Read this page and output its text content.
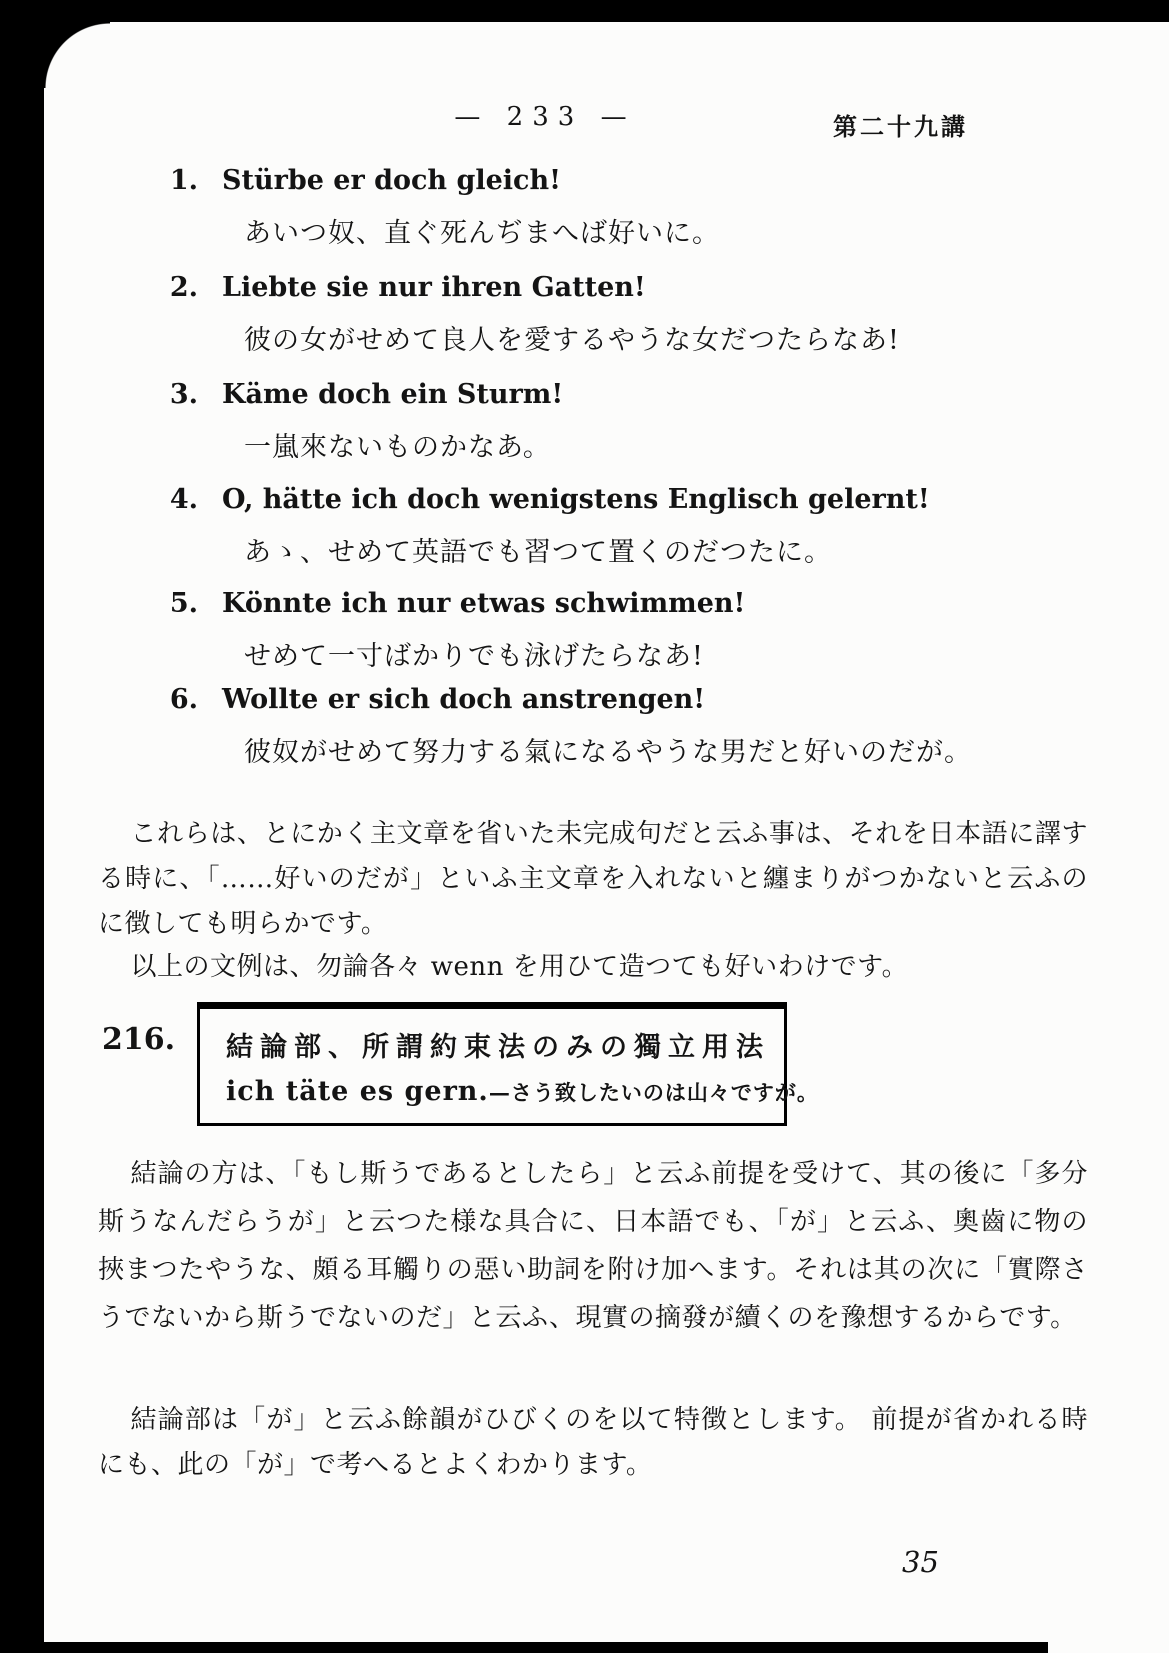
— 233 —	第二十九講
1. Stürbe er doch gleich!
あいつ奴、直ぐ死んぢまへば好いに。
2. Liebte sie nur ihren Gatten!
彼の女がせめて良人を愛するやうな女だつたらなあ!
3. Käme doch ein Sturm!
一嵐來ないものかなあ。
4. O, hätte ich doch wenigstens Englisch gelernt!
あゝ、せめて英語でも習つて置くのだつたに。
5. Könnte ich nur etwas schwimmen!
せめて一寸ばかりでも泳げたらなあ!
6. Wollte er sich doch anstrengen!
彼奴がせめて努力する氣になるやうな男だと好いのだが。
これらは、とにかく主文章を省いた未完成句だと云ふ事は、それを日本語に譯する時に、「……好いのだが」といふ主文章を入れないと纏まりがつかないと云ふのに徴しても明らかです。
以上の文例は、勿論各々 wenn を用ひて造つても好いわけです。
216. 結論部、所謂約束法のみの獨立用法
ich täte es gern.—さう致したいのは山々ですが。
結論の方は、「もし斯うであるとしたら」と云ふ前提を受けて、其の後に「多分斯うなんだらうが」と云つた様な具合に、日本語でも、「が」と云ふ、奧齒に物の挾まつたやうな、頗る耳觸りの惡い助詞を附け加へます。それは其の次に「實際さうでないから斯うでないのだ」と云ふ、現實の摘發が續くのを豫想するからです。
結論部は「が」と云ふ餘韻がひびくのを以て特徴とします。 前提が省かれる時にも、此の「が」で考へるとよくわかります。
35
